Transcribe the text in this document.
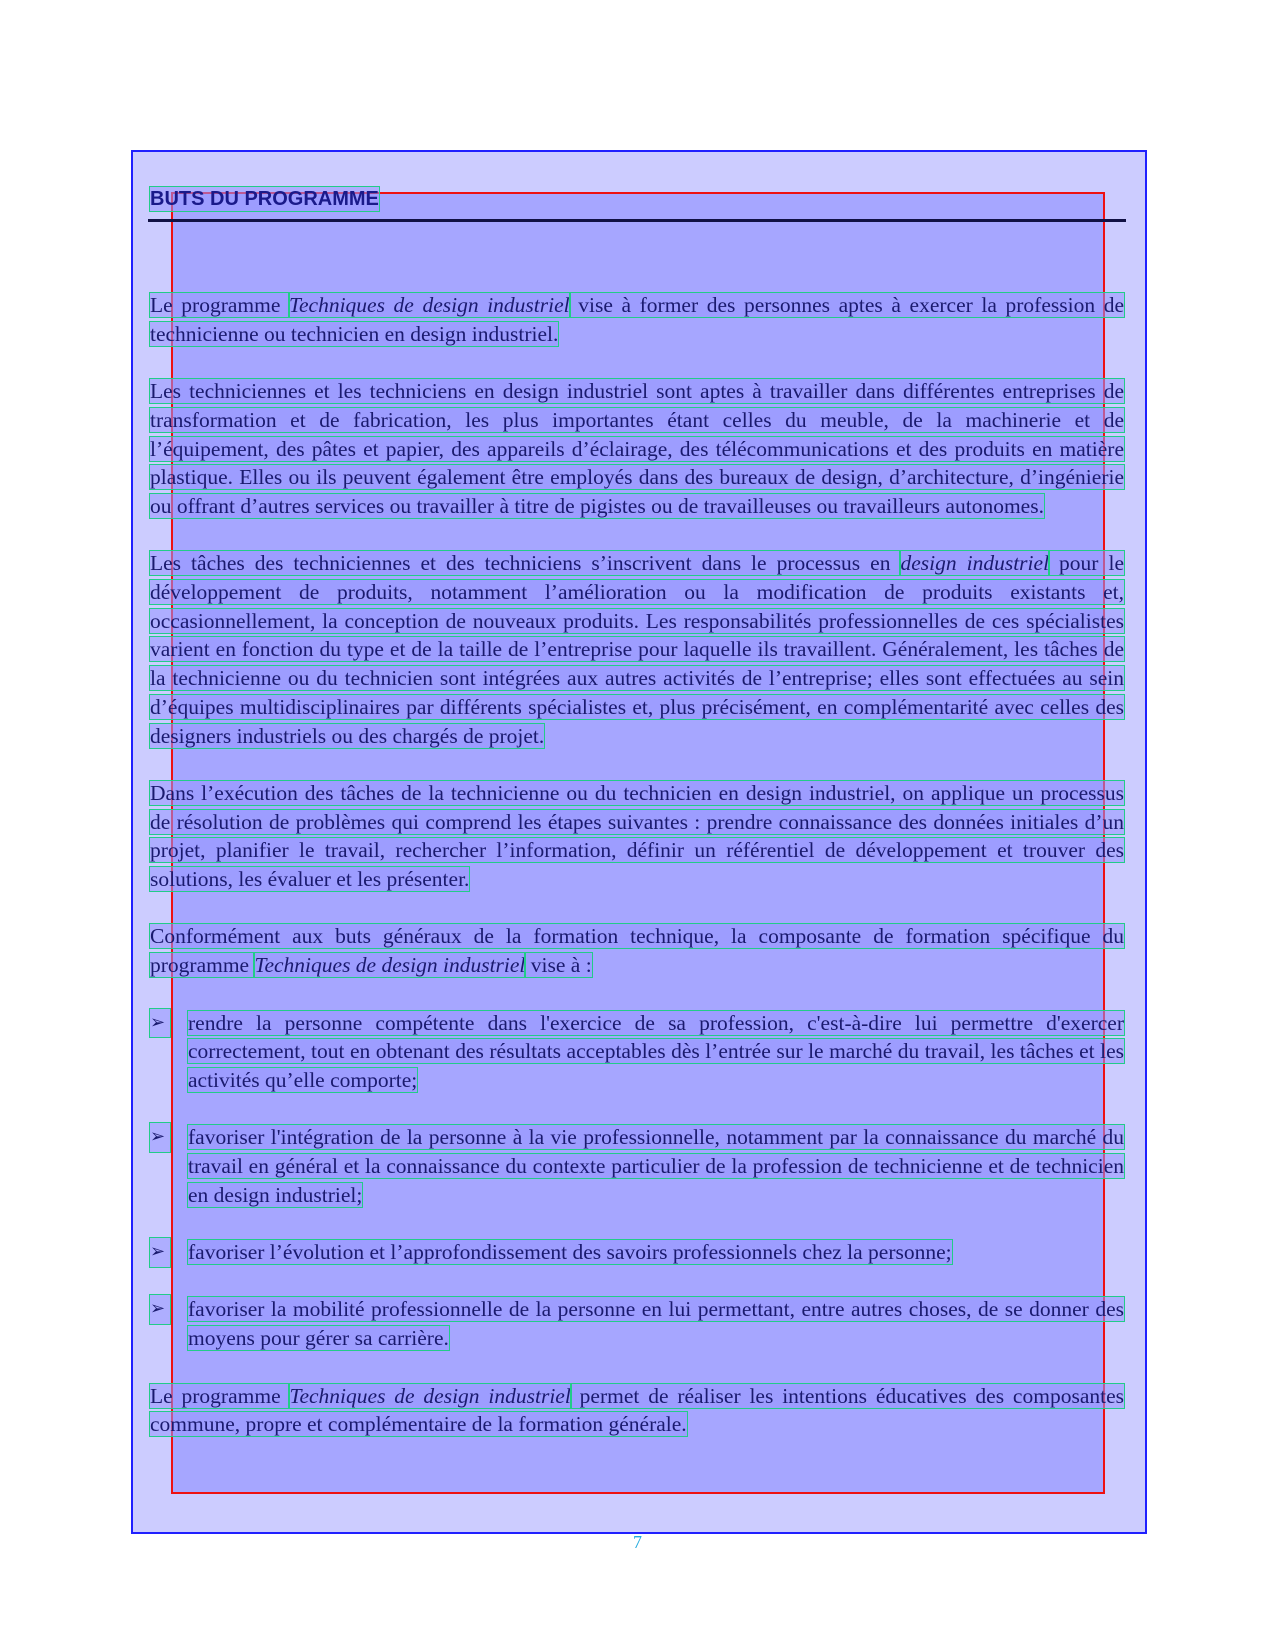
BUTS DU PROGRAMME

Le programme Techniques de design industriel vise à former des personnes aptes à exercer la profession de technicienne ou technicien en design industriel.

Les techniciennes et les techniciens en design industriel sont aptes à travailler dans différentes entreprises de transformation et de fabrication, les plus importantes étant celles du meuble, de la machinerie et de l’équipement, des pâtes et papier, des appareils d’éclairage, des télécommunications et des produits en matière plastique. Elles ou ils peuvent également être employés dans des bureaux de design, d’architecture, d’ingénierie ou offrant d’autres services ou travailler à titre de pigistes ou de travailleuses ou travailleurs autonomes.

Les tâches des techniciennes et des techniciens s’inscrivent dans le processus en design industriel pour le développement de produits, notamment l’amélioration ou la modification de produits existants et, occasionnellement, la conception de nouveaux produits. Les responsabilités professionnelles de ces spécialistes varient en fonction du type et de la taille de l’entreprise pour laquelle ils travaillent. Généralement, les tâches de la technicienne ou du technicien sont intégrées aux autres activités de l’entreprise; elles sont effectuées au sein d’équipes multidisciplinaires par différents spécialistes et, plus précisément, en complémentarité avec celles des designers industriels ou des chargés de projet.

Dans l’exécution des tâches de la technicienne ou du technicien en design industriel, on applique un processus de résolution de problèmes qui comprend les étapes suivantes : prendre connaissance des données initiales d’un projet, planifier le travail, rechercher l’information, définir un référentiel de développement et trouver des solutions, les évaluer et les présenter.

Conformément aux buts généraux de la formation technique, la composante de formation spécifique du programme Techniques de design industriel vise à :

➢ rendre la personne compétente dans l'exercice de sa profession, c'est-à-dire lui permettre d'exercer correctement, tout en obtenant des résultats acceptables dès l’entrée sur le marché du travail, les tâches et les activités qu’elle comporte;
➢ favoriser l'intégration de la personne à la vie professionnelle, notamment par la connaissance du marché du travail en général et la connaissance du contexte particulier de la profession de technicienne et de technicien en design industriel;
➢ favoriser l’évolution et l’approfondissement des savoirs professionnels chez la personne;
➢ favoriser la mobilité professionnelle de la personne en lui permettant, entre autres choses, de se donner des moyens pour gérer sa carrière.

Le programme Techniques de design industriel permet de réaliser les intentions éducatives des composantes commune, propre et complémentaire de la formation générale.

7
